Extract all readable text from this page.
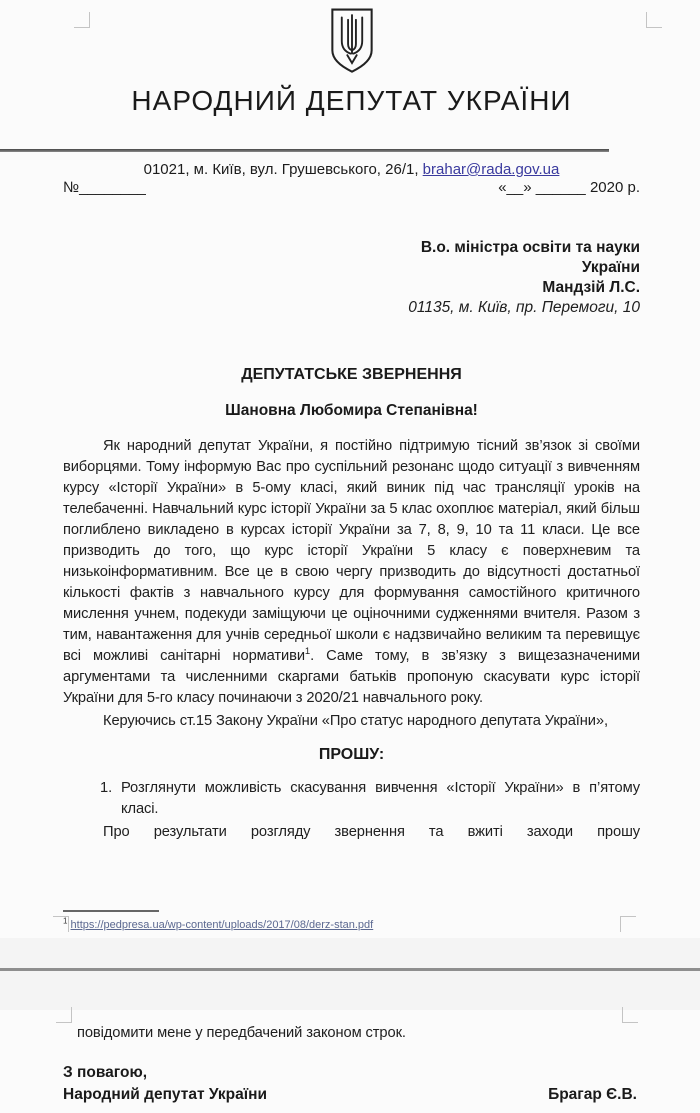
НАРОДНИЙ ДЕПУТАТ УКРАЇНИ
01021, м. Київ, вул. Грушевського, 26/1, brahar@rada.gov.ua
№________	«__» ______ 2020 р.
В.о. міністра освіти та науки
України
Мандзій Л.С.
01135, м. Київ, пр. Перемоги, 10
ДЕПУТАТСЬКЕ ЗВЕРНЕННЯ
Шановна Любомира Степанівна!

Як народний депутат України, я постійно підтримую тісний зв’язок зі своїми виборцями. Тому інформую Вас про суспільний резонанс щодо ситуації з вивченням курсу «Історії України» в 5-ому класі, який виник під час трансляції уроків на телебаченні. Навчальний курс історії України за 5 клас охоплює матеріал, який більш поглиблено викладено в курсах історії України за 7, 8, 9, 10 та 11 класи. Це все призводить до того, що курс історії України 5 класу є поверхневим та низькоінформативним. Все це в свою чергу призводить до відсутності достатньої кількості фактів з навчального курсу для формування самостійного критичного мислення учнем, подекуди заміщуючи це оціночними судженнями вчителя. Разом з тим, навантаження для учнів середньої школи є надзвичайно великим та перевищує всі можливі санітарні нормативи$^1$. Саме тому, в зв’язку з вищезазначеними аргументами та численними скаргами батьків пропоную скасувати курс історії України для 5-го класу починаючи з 2020/21 навчального року.

Керуючись ст.15 Закону України «Про статус народного депутата України»,

ПРОШУ:
1. Розглянути можливість скасування вивчення «Історії України» в п’ятому класі.

Про результати розгляду звернення та вжиті заходи прошу

$^1$ https://pedpresa.ua/wp-content/uploads/2017/08/derz-stan.pdf

повідомити мене у передбачений законом строк.

З повагою,
Народний депутат України	Брагар Є.В.
